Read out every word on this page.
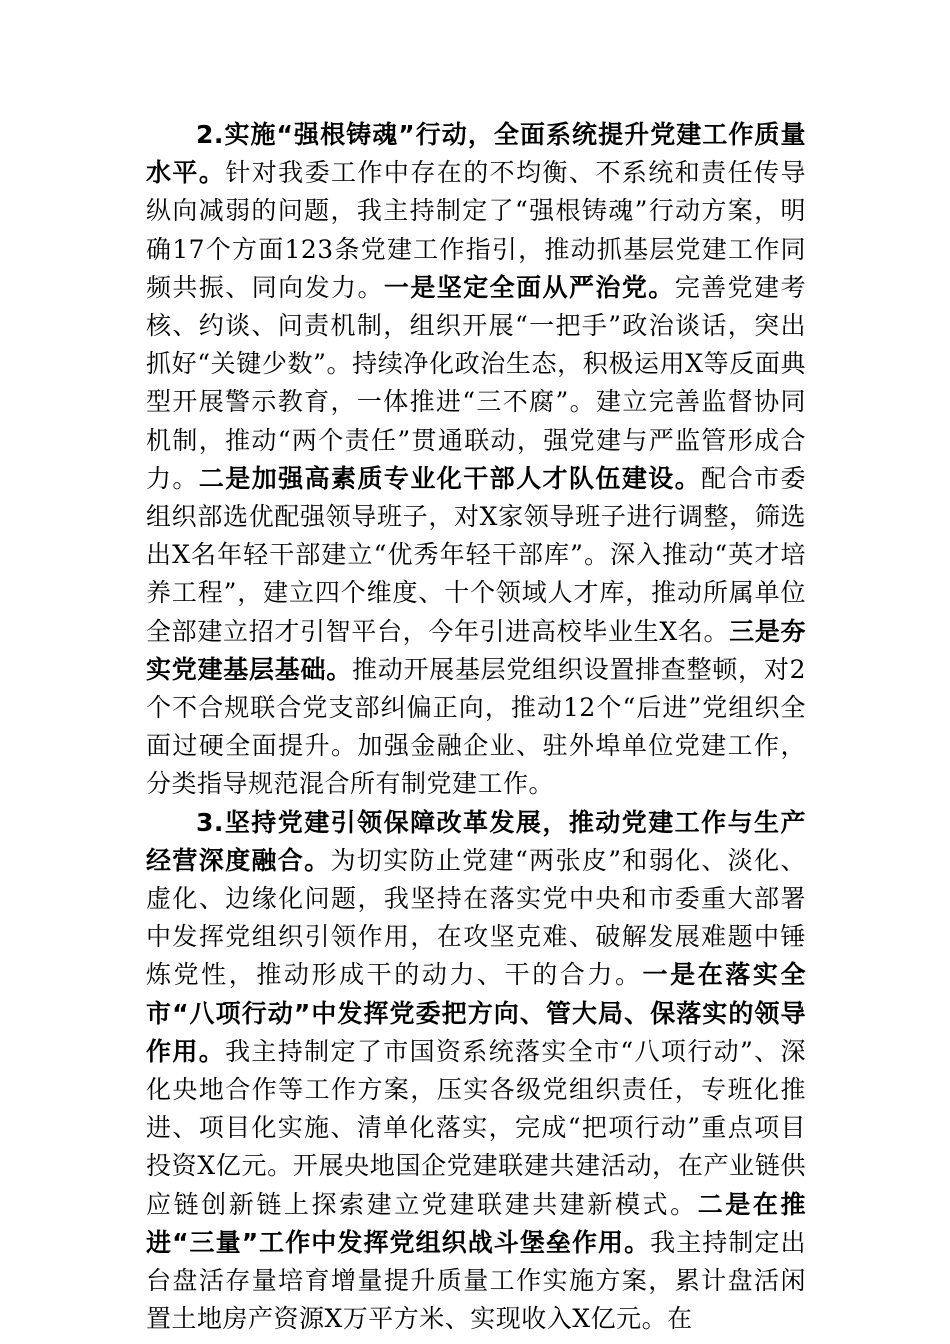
2.实施“强根铸魂”行动，全面系统提升党建工作质量水平。针对我委工作中存在的不均衡、不系统和责任传导纵向减弱的问题，我主持制定了“强根铸魂”行动方案，明确17个方面123条党建工作指引，推动抓基层党建工作同频共振、同向发力。一是坚定全面从严治党。完善党建考核、约谈、问责机制，组织开展“一把手”政治谈话，突出抓好“关键少数”。持续净化政治生态，积极运用X等反面典型开展警示教育，一体推进“三不腐”。建立完善监督协同机制，推动“两个责任”贯通联动，强党建与严监管形成合力。二是加强高素质专业化干部人才队伍建设。配合市委组织部选优配强领导班子，对X家领导班子进行调整，筛选出X名年轻干部建立“优秀年轻干部库”。深入推动“英才培养工程”，建立四个维度、十个领域人才库，推动所属单位全部建立招才引智平台，今年引进高校毕业生X名。三是夯实党建基层基础。推动开展基层党组织设置排查整顿，对2个不合规联合党支部纠偏正向，推动12个“后进”党组织全面过硬全面提升。加强金融企业、驻外埠单位党建工作，分类指导规范混合所有制党建工作。

3.坚持党建引领保障改革发展，推动党建工作与生产经营深度融合。为切实防止党建“两张皮”和弱化、淡化、虚化、边缘化问题，我坚持在落实党中央和市委重大部署中发挥党组织引领作用，在攻坚克难、破解发展难题中锤炼党性，推动形成干的动力、干的合力。一是在落实全市“八项行动”中发挥党委把方向、管大局、保落实的领导作用。我主持制定了市国资系统落实全市“八项行动”、深化央地合作等工作方案，压实各级党组织责任，专班化推进、项目化实施、清单化落实，完成“把项行动”重点项目投资X亿元。开展央地国企党建联建共建活动，在产业链供应链创新链上探索建立党建联建共建新模式。二是在推进“三量”工作中发挥党组织战斗堡垒作用。我主持制定出台盘活存量培育增量提升质量工作实施方案，累计盘活闲置土地房产资源X万平方米、实现收入X亿元。在
